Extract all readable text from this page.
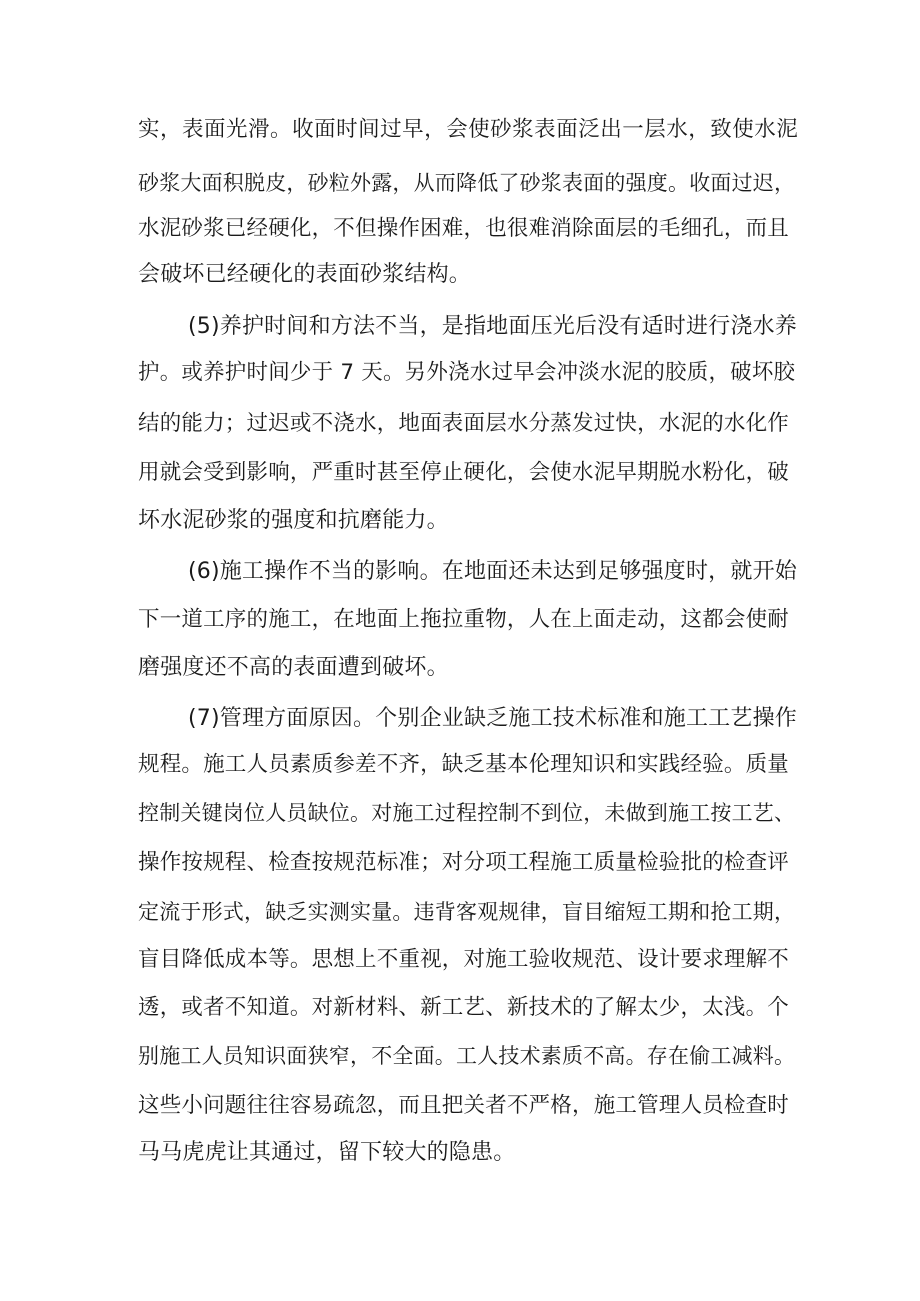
实，表面光滑。收面时间过早，会使砂浆表面泛出一层水，致使水泥
砂浆大面积脱皮，砂粒外露，从而降低了砂浆表面的强度。收面过迟，
水泥砂浆已经硬化，不但操作困难，也很难消除面层的毛细孔，而且
会破坏已经硬化的表面砂浆结构。
(5)养护时间和方法不当，是指地面压光后没有适时进行浇水养
护。或养护时间少于 7 天。另外浇水过早会冲淡水泥的胶质，破坏胶
结的能力；过迟或不浇水，地面表面层水分蒸发过快，水泥的水化作
用就会受到影响，严重时甚至停止硬化，会使水泥早期脱水粉化，破
坏水泥砂浆的强度和抗磨能力。
(6)施工操作不当的影响。在地面还未达到足够强度时，就开始
下一道工序的施工，在地面上拖拉重物，人在上面走动，这都会使耐
磨强度还不高的表面遭到破坏。
(7)管理方面原因。个别企业缺乏施工技术标准和施工工艺操作
规程。施工人员素质参差不齐，缺乏基本伦理知识和实践经验。质量
控制关键岗位人员缺位。对施工过程控制不到位，未做到施工按工艺、
操作按规程、检查按规范标准；对分项工程施工质量检验批的检查评
定流于形式，缺乏实测实量。违背客观规律，盲目缩短工期和抢工期，
盲目降低成本等。思想上不重视，对施工验收规范、设计要求理解不
透，或者不知道。对新材料、新工艺、新技术的了解太少，太浅。个
别施工人员知识面狭窄，不全面。工人技术素质不高。存在偷工减料。
这些小问题往往容易疏忽，而且把关者不严格，施工管理人员检查时
马马虎虎让其通过，留下较大的隐患。
